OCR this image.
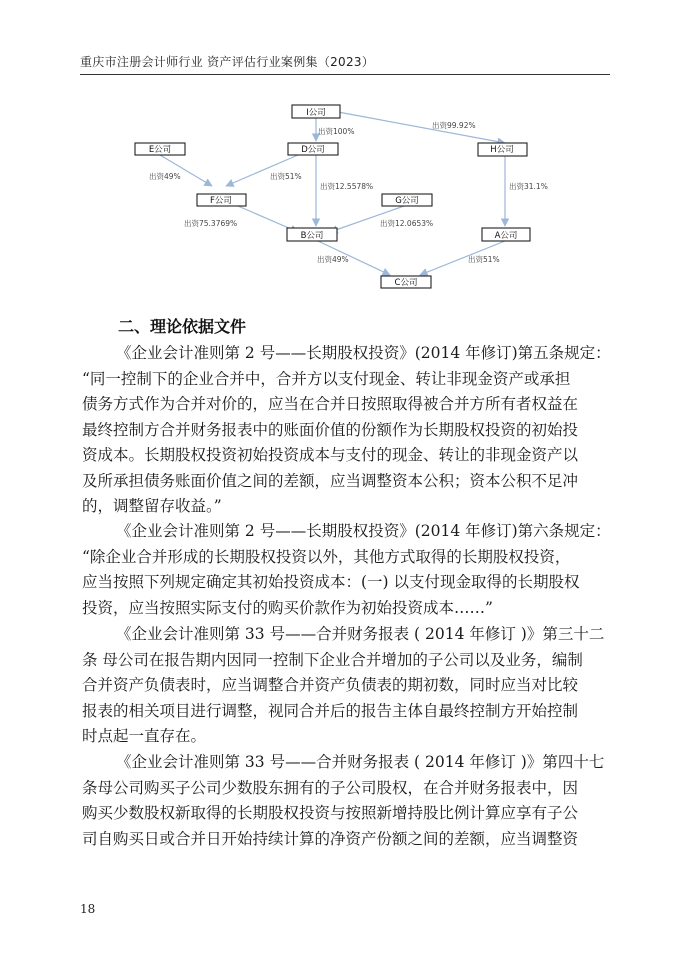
重庆市注册会计师行业 资产评估行业案例集（2023）
出资100%
出资99.92%
出资49%	出资51%
出资12.5578%	出资31.1%
出资75.3769%	出资12.0653%
出资49%	出资51%
I公司
E公司	D公司	H公司
F公司	G公司
B公司	A公司
C公司
二、理论依据文件
《企业会计准则第 2 号——长期股权投资》(2014 年修订)第五条规定：
“同一控制下的企业合并中，合并方以支付现金、转让非现金资产或承担
债务方式作为合并对价的，应当在合并日按照取得被合并方所有者权益在
最终控制方合并财务报表中的账面价值的份额作为长期股权投资的初始投
资成本。长期股权投资初始投资成本与支付的现金、转让的非现金资产以
及所承担债务账面价值之间的差额，应当调整资本公积；资本公积不足冲
的，调整留存收益。”
《企业会计准则第 2 号——长期股权投资》(2014 年修订)第六条规定：
“除企业合并形成的长期股权投资以外，其他方式取得的长期股权投资，
应当按照下列规定确定其初始投资成本：(一) 以支付现金取得的长期股权
投资，应当按照实际支付的购买价款作为初始投资成本……”
《企业会计准则第 33 号——合并财务报表 ( 2014 年修订 )》第三十二
条 母公司在报告期内因同一控制下企业合并增加的子公司以及业务，编制
合并资产负债表时，应当调整合并资产负债表的期初数，同时应当对比较
报表的相关项目进行调整，视同合并后的报告主体自最终控制方开始控制
时点起一直存在。
《企业会计准则第 33 号——合并财务报表 ( 2014 年修订 )》第四十七
条母公司购买子公司少数股东拥有的子公司股权，在合并财务报表中，因
购买少数股权新取得的长期股权投资与按照新增持股比例计算应享有子公
司自购买日或合并日开始持续计算的净资产份额之间的差额，应当调整资
18
